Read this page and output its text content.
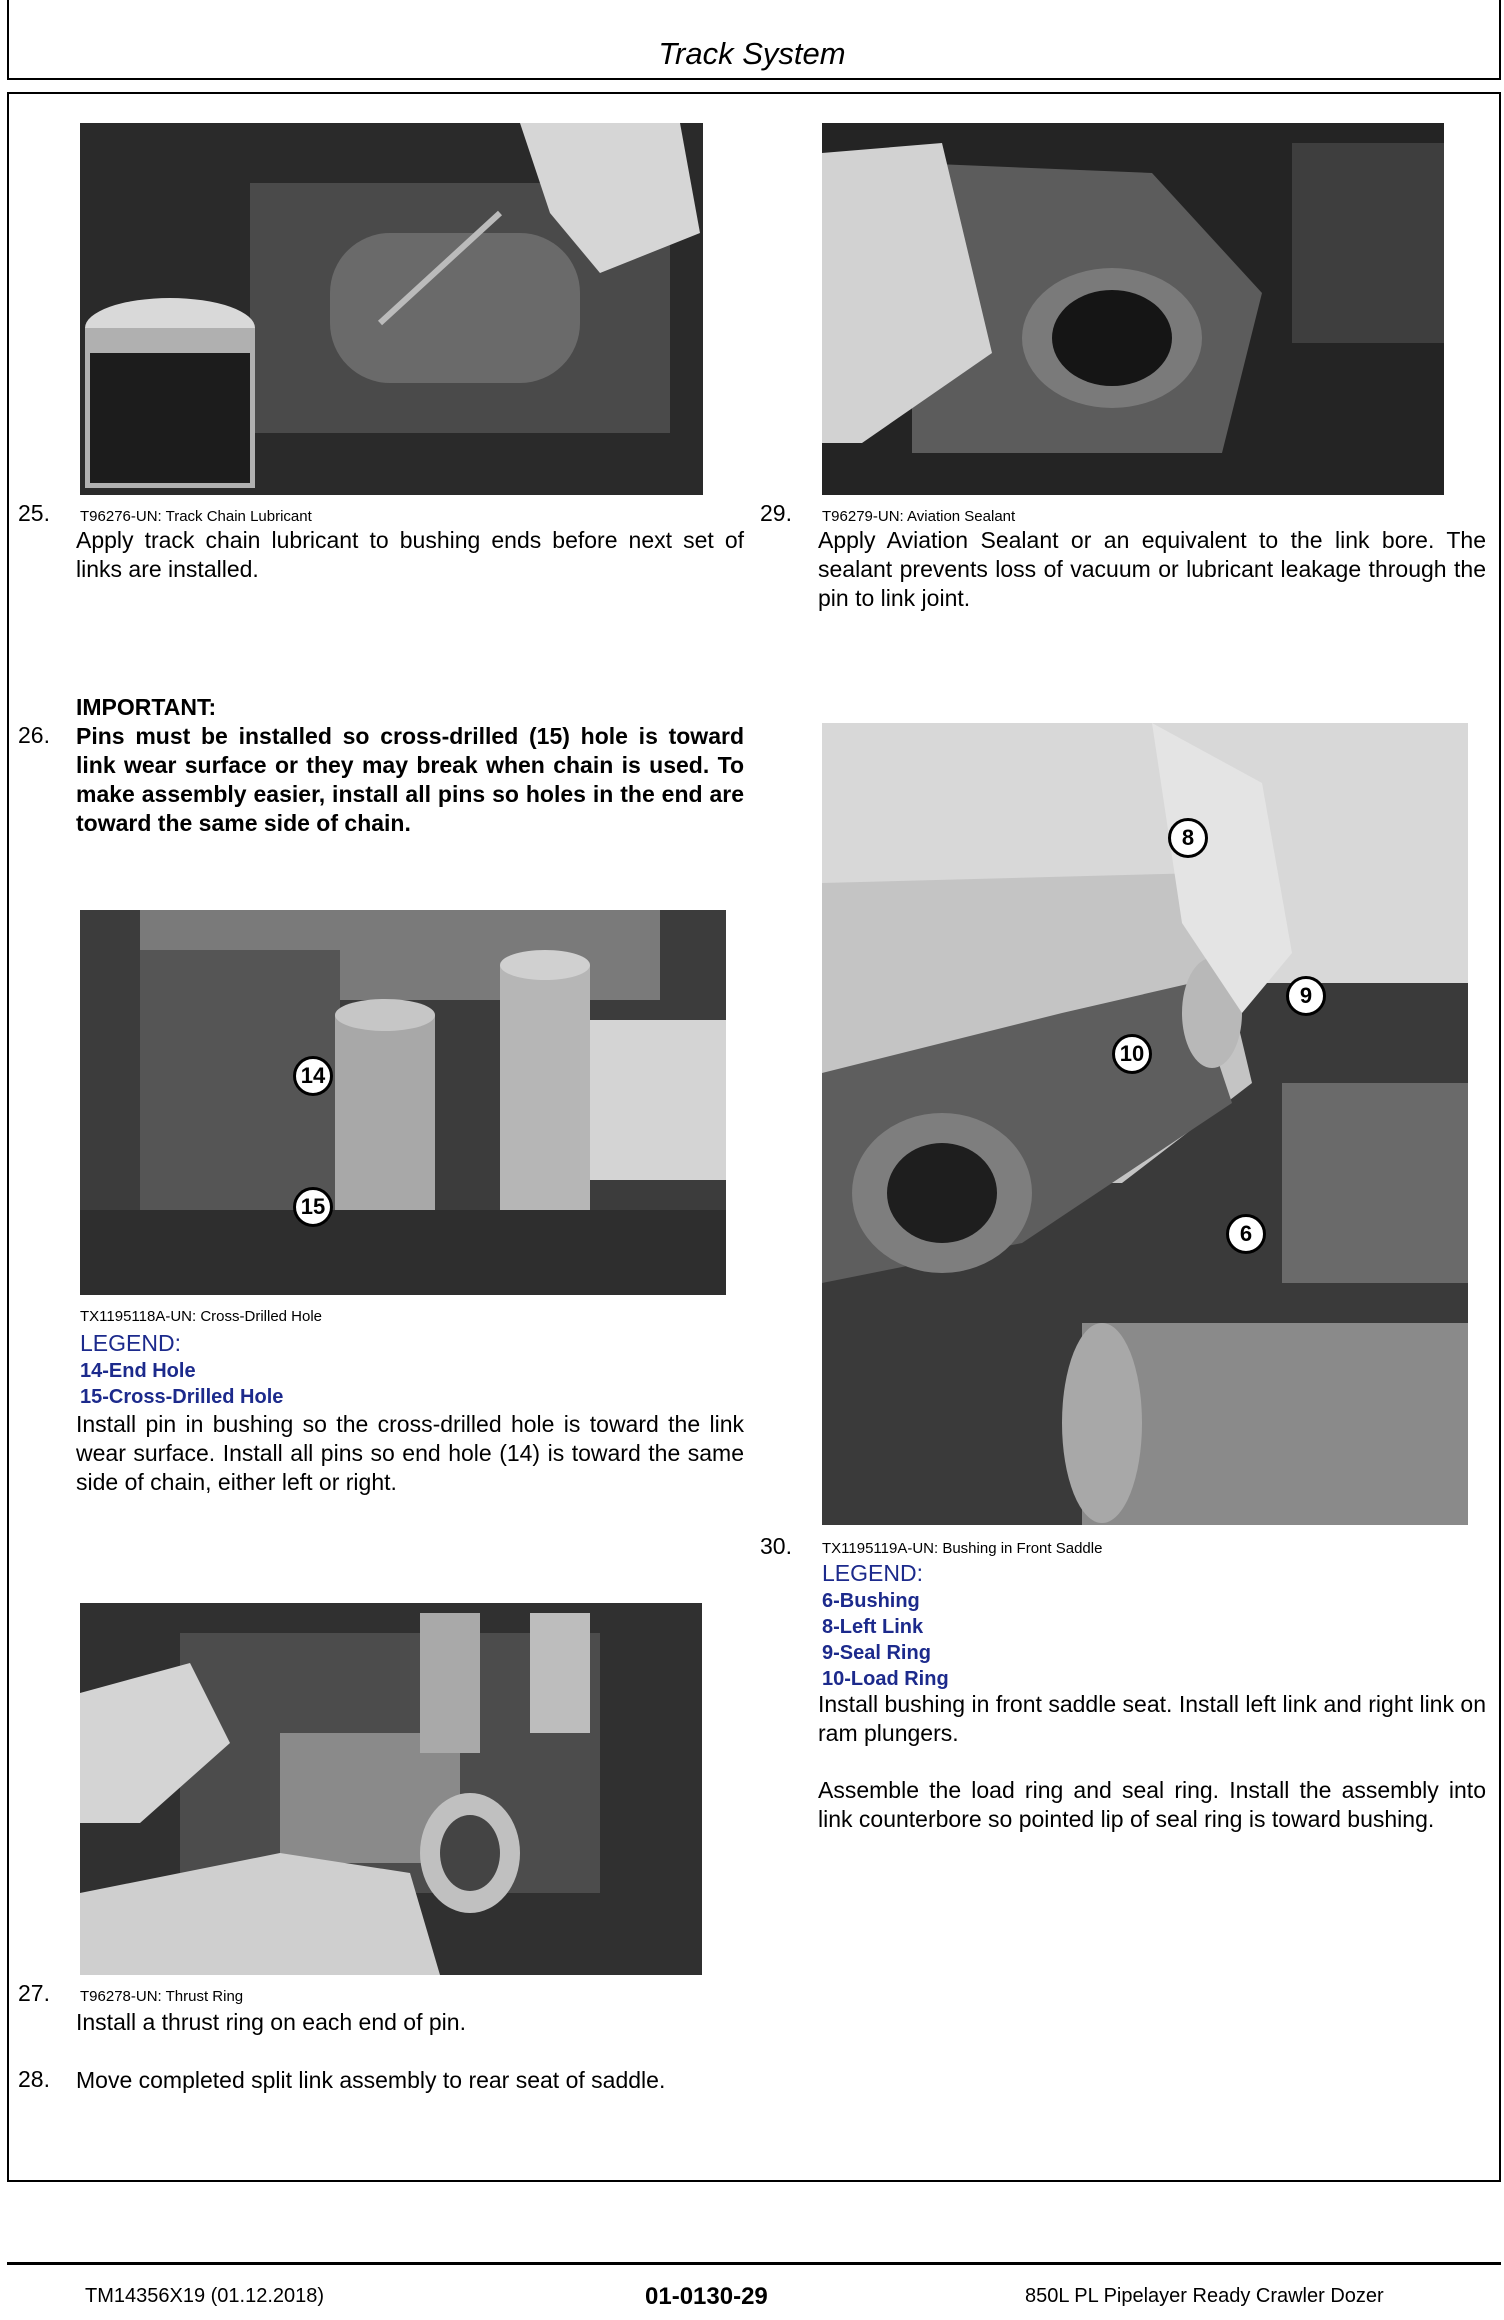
Track System
25. T96276-UN: Track Chain Lubricant
Apply track chain lubricant to bushing ends before next set of links are installed.
IMPORTANT:
26. Pins must be installed so cross-drilled (15) hole is toward link wear surface or they may break when chain is used. To make assembly easier, install all pins so holes in the end are toward the same side of chain.
14
15
TX1195118A-UN: Cross-Drilled Hole
LEGEND:
14-End Hole
15-Cross-Drilled Hole
Install pin in bushing so the cross-drilled hole is toward the link wear surface. Install all pins so end hole (14) is toward the same side of chain, either left or right.
27. T96278-UN: Thrust Ring
Install a thrust ring on each end of pin.
28. Move completed split link assembly to rear seat of saddle.
29. T96279-UN: Aviation Sealant
Apply Aviation Sealant or an equivalent to the link bore. The sealant prevents loss of vacuum or lubricant leakage through the pin to link joint.
8
9
10
6
30. TX1195119A-UN: Bushing in Front Saddle
LEGEND:
6-Bushing
8-Left Link
9-Seal Ring
10-Load Ring
Install bushing in front saddle seat. Install left link and right link on ram plungers.
Assemble the load ring and seal ring. Install the assembly into link counterbore so pointed lip of seal ring is toward bushing.
TM14356X19 (01.12.2018)	01-0130-29	850L PL Pipelayer Ready Crawler Dozer
